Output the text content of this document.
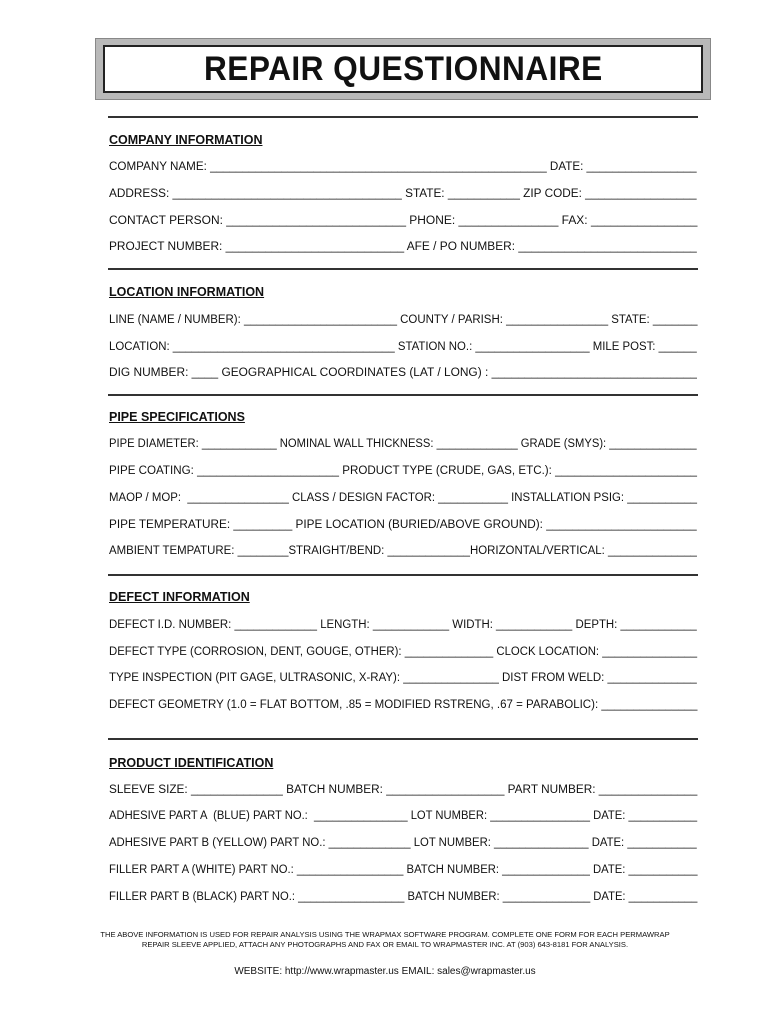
REPAIR QUESTIONNAIRE
COMPANY INFORMATION
COMPANY NAME: ____________________________________________________ DATE: _________________
ADDRESS: ___________________________________ STATE: ___________ ZIP CODE: _________________
CONTACT PERSON: ___________________________ PHONE: _______________ FAX: ________________
PROJECT NUMBER: ___________________________ AFE / PO NUMBER: ___________________________
LOCATION INFORMATION
LINE (NAME / NUMBER): ________________________ COUNTY / PARISH: ________________ STATE: _______
LOCATION: ___________________________________ STATION NO.: __________________ MILE POST: ______
DIG NUMBER: ____ GEOGRAPHICAL COORDINATES (LAT / LONG) : _______________________________
PIPE SPECIFICATIONS
PIPE DIAMETER: ____________ NOMINAL WALL THICKNESS: _____________ GRADE (SMYS): ______________
PIPE COATING: ______________________ PRODUCT TYPE (CRUDE, GAS, ETC.): ______________________
MAOP / MOP:  ________________ CLASS / DESIGN FACTOR: ___________ INSTALLATION PSIG: ___________
PIPE TEMPERATURE: _________ PIPE LOCATION (BURIED/ABOVE GROUND): _______________________
AMBIENT TEMPATURE: ________STRAIGHT/BEND: _____________HORIZONTAL/VERTICAL: ______________
DEFECT INFORMATION
DEFECT I.D. NUMBER: _____________ LENGTH: ____________ WIDTH: ____________ DEPTH: ____________
DEFECT TYPE (CORROSION, DENT, GOUGE, OTHER): ______________ CLOCK LOCATION: _______________
TYPE INSPECTION (PIT GAGE, ULTRASONIC, X-RAY): _______________ DIST FROM WELD: ______________
DEFECT GEOMETRY (1.0 = FLAT BOTTOM, .85 = MODIFIED RSTRENG, .67 = PARABOLIC): _______________
PRODUCT IDENTIFICATION
SLEEVE SIZE: ______________ BATCH NUMBER: __________________ PART NUMBER: _______________
ADHESIVE PART A  (BLUE) PART NO.:  _______________ LOT NUMBER: ________________ DATE: ___________
ADHESIVE PART B (YELLOW) PART NO.: _____________ LOT NUMBER: _______________ DATE: ___________
FILLER PART A (WHITE) PART NO.: _________________ BATCH NUMBER: ______________ DATE: ___________
FILLER PART B (BLACK) PART NO.: _________________ BATCH NUMBER: ______________ DATE: ___________
THE ABOVE INFORMATION IS USED FOR REPAIR ANALYSIS USING THE WRAPMAX SOFTWARE PROGRAM. COMPLETE ONE FORM FOR EACH PERMAWRAP
REPAIR SLEEVE APPLIED, ATTACH ANY PHOTOGRAPHS AND FAX OR EMAIL TO WRAPMASTER INC. AT (903) 643-8181 FOR ANALYSIS.
WEBSITE: http://www.wrapmaster.us EMAIL: sales@wrapmaster.us
